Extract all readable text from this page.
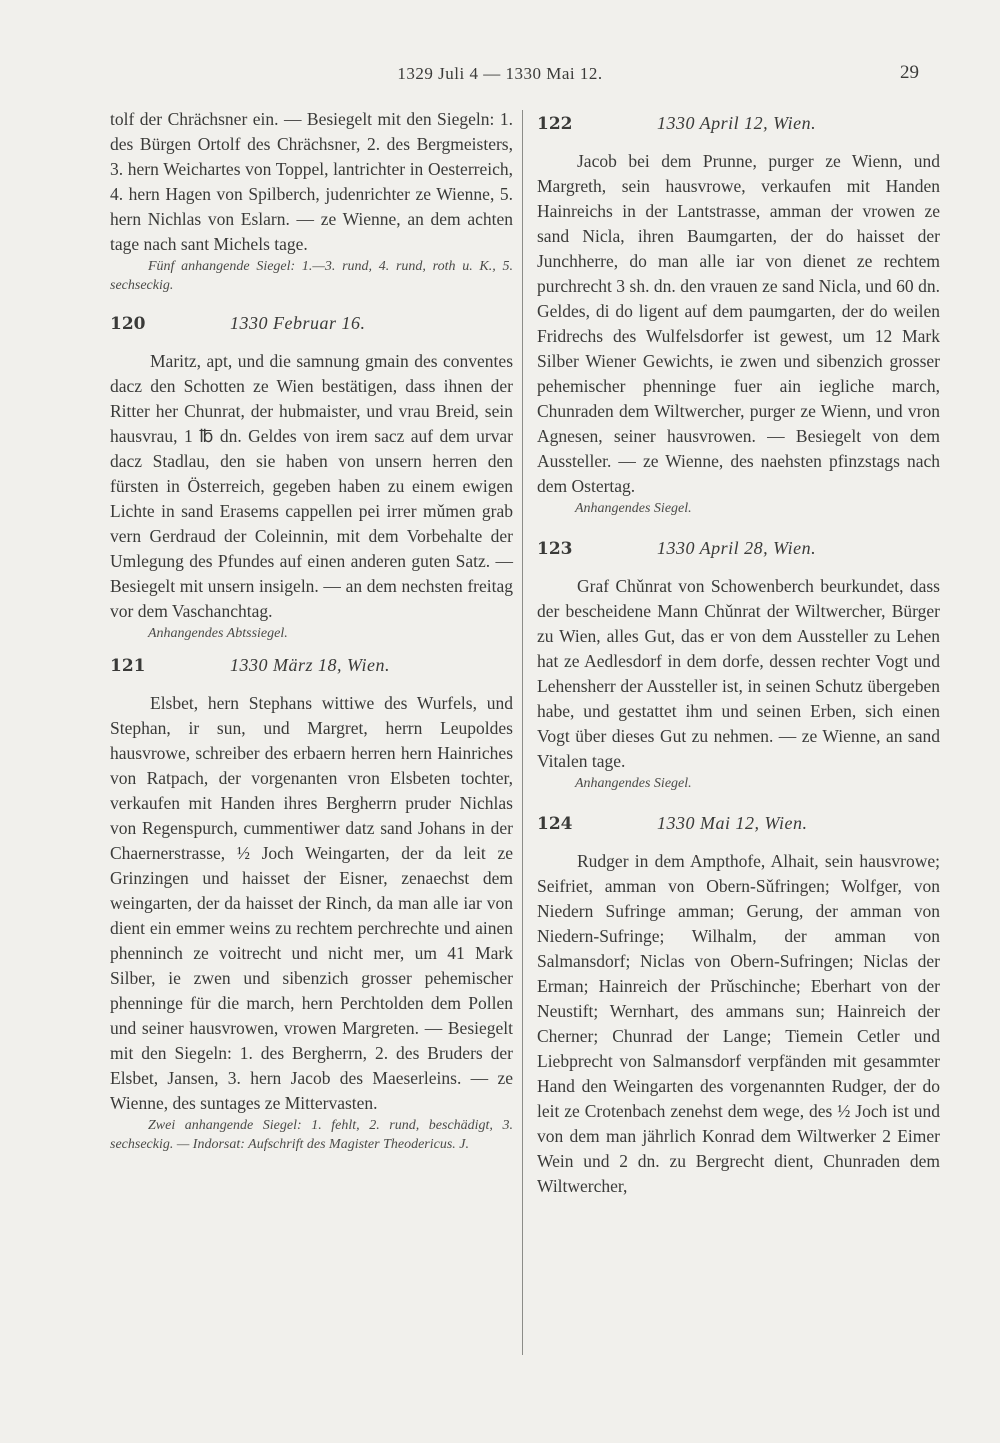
1329 Juli 4 — 1330 Mai 12.	29

tolf der Chrächsner ein. — Besiegelt mit den Siegeln: 1. des Bürgen Ortolf des Chrächsner, 2. des Bergmeisters, 3. hern Weichartes von Toppel, lantrichter in Oesterreich, 4. hern Hagen von Spilberch, judenrichter ze Wienne, 5. hern Nichlas von Eslarn. — ze Wienne, an dem achten tage nach sant Michels tage.

Fünf anhangende Siegel: 1.—3. rund, 4. rund, roth u. K., 5. sechseckig.

120	1330 Februar 16.

Maritz, apt, und die samnung gmain des conventes dacz den Schotten ze Wien bestätigen, dass ihnen der Ritter her Chunrat, der hubmaister, und vrau Breid, sein hausvrau, 1 ℔ dn. Geldes von irem sacz auf dem urvar dacz Stadlau, den sie haben von unsern herren den fürsten in Österreich, gegeben haben zu einem ewigen Lichte in sand Erasems cappellen pei irrer mǔmen grab vern Gerdraud der Coleinnin, mit dem Vorbehalte der Umlegung des Pfundes auf einen anderen guten Satz. — Besiegelt mit unsern insigeln. — an dem nechsten freitag vor dem Vaschanchtag.

Anhangendes Abtssiegel.

121	1330 März 18, Wien.

Elsbet, hern Stephans wittiwe des Wurfels, und Stephan, ir sun, und Margret, herrn Leupoldes hausvrowe, schreiber des erbaern herren hern Hainriches von Ratpach, der vorgenanten vron Elsbeten tochter, verkaufen mit Handen ihres Bergherrn pruder Nichlas von Regenspurch, cummentiwer datz sand Johans in der Chaernerstrasse, ½ Joch Weingarten, der da leit ze Grinzingen und haisset der Eisner, zenaechst dem weingarten, der da haisset der Rinch, da man alle iar von dient ein emmer weins zu rechtem perchrechte und ainen phenninch ze voitrecht und nicht mer, um 41 Mark Silber, ie zwen und sibenzich grosser pehemischer phenninge für die march, hern Perchtolden dem Pollen und seiner hausvrowen, vrowen Margreten. — Besiegelt mit den Siegeln: 1. des Bergherrn, 2. des Bruders der Elsbet, Jansen, 3. hern Jacob des Maeserleins. — ze Wienne, des suntages ze Mittervasten.

Zwei anhangende Siegel: 1. fehlt, 2. rund, beschädigt, 3. sechseckig. — Indorsat: Aufschrift des Magister Theodericus. J.

122	1330 April 12, Wien.

Jacob bei dem Prunne, purger ze Wienn, und Margreth, sein hausvrowe, verkaufen mit Handen Hainreichs in der Lantstrasse, amman der vrowen ze sand Nicla, ihren Baumgarten, der do haisset der Junchherre, do man alle iar von dienet ze rechtem purchrecht 3 sh. dn. den vrauen ze sand Nicla, und 60 dn. Geldes, di do ligent auf dem paumgarten, der do weilen Fridrechs des Wulfelsdorfer ist gewest, um 12 Mark Silber Wiener Gewichts, ie zwen und sibenzich grosser pehemischer phenninge fuer ain iegliche march, Chunraden dem Wiltwercher, purger ze Wienn, und vron Agnesen, seiner hausvrowen. — Besiegelt von dem Aussteller. — ze Wienne, des naehsten pfinzstags nach dem Ostertag.

Anhangendes Siegel.

123	1330 April 28, Wien.

Graf Chǔnrat von Schowenberch beurkundet, dass der bescheidene Mann Chǔnrat der Wiltwercher, Bürger zu Wien, alles Gut, das er von dem Aussteller zu Lehen hat ze Aedlesdorf in dem dorfe, dessen rechter Vogt und Lehensherr der Aussteller ist, in seinen Schutz übergeben habe, und gestattet ihm und seinen Erben, sich einen Vogt über dieses Gut zu nehmen. — ze Wienne, an sand Vitalen tage.

Anhangendes Siegel.

124	1330 Mai 12, Wien.

Rudger in dem Ampthofe, Alhait, sein hausvrowe; Seifriet, amman von Obern-Sǔfringen; Wolfger, von Niedern Sufringe amman; Gerung, der amman von Niedern-Sufringe; Wilhalm, der amman von Salmansdorf; Niclas von Obern-Sufringen; Niclas der Erman; Hainreich der Prǔschinche; Eberhart von der Neustift; Wernhart, des ammans sun; Hainreich der Cherner; Chunrad der Lange; Tiemein Cetler und Liebprecht von Salmansdorf verpfänden mit gesammter Hand den Weingarten des vorgenannten Rudger, der do leit ze Crotenbach zenehst dem wege, des ½ Joch ist und von dem man jährlich Konrad dem Wiltwerker 2 Eimer Wein und 2 dn. zu Bergrecht dient, Chunraden dem Wiltwercher,
